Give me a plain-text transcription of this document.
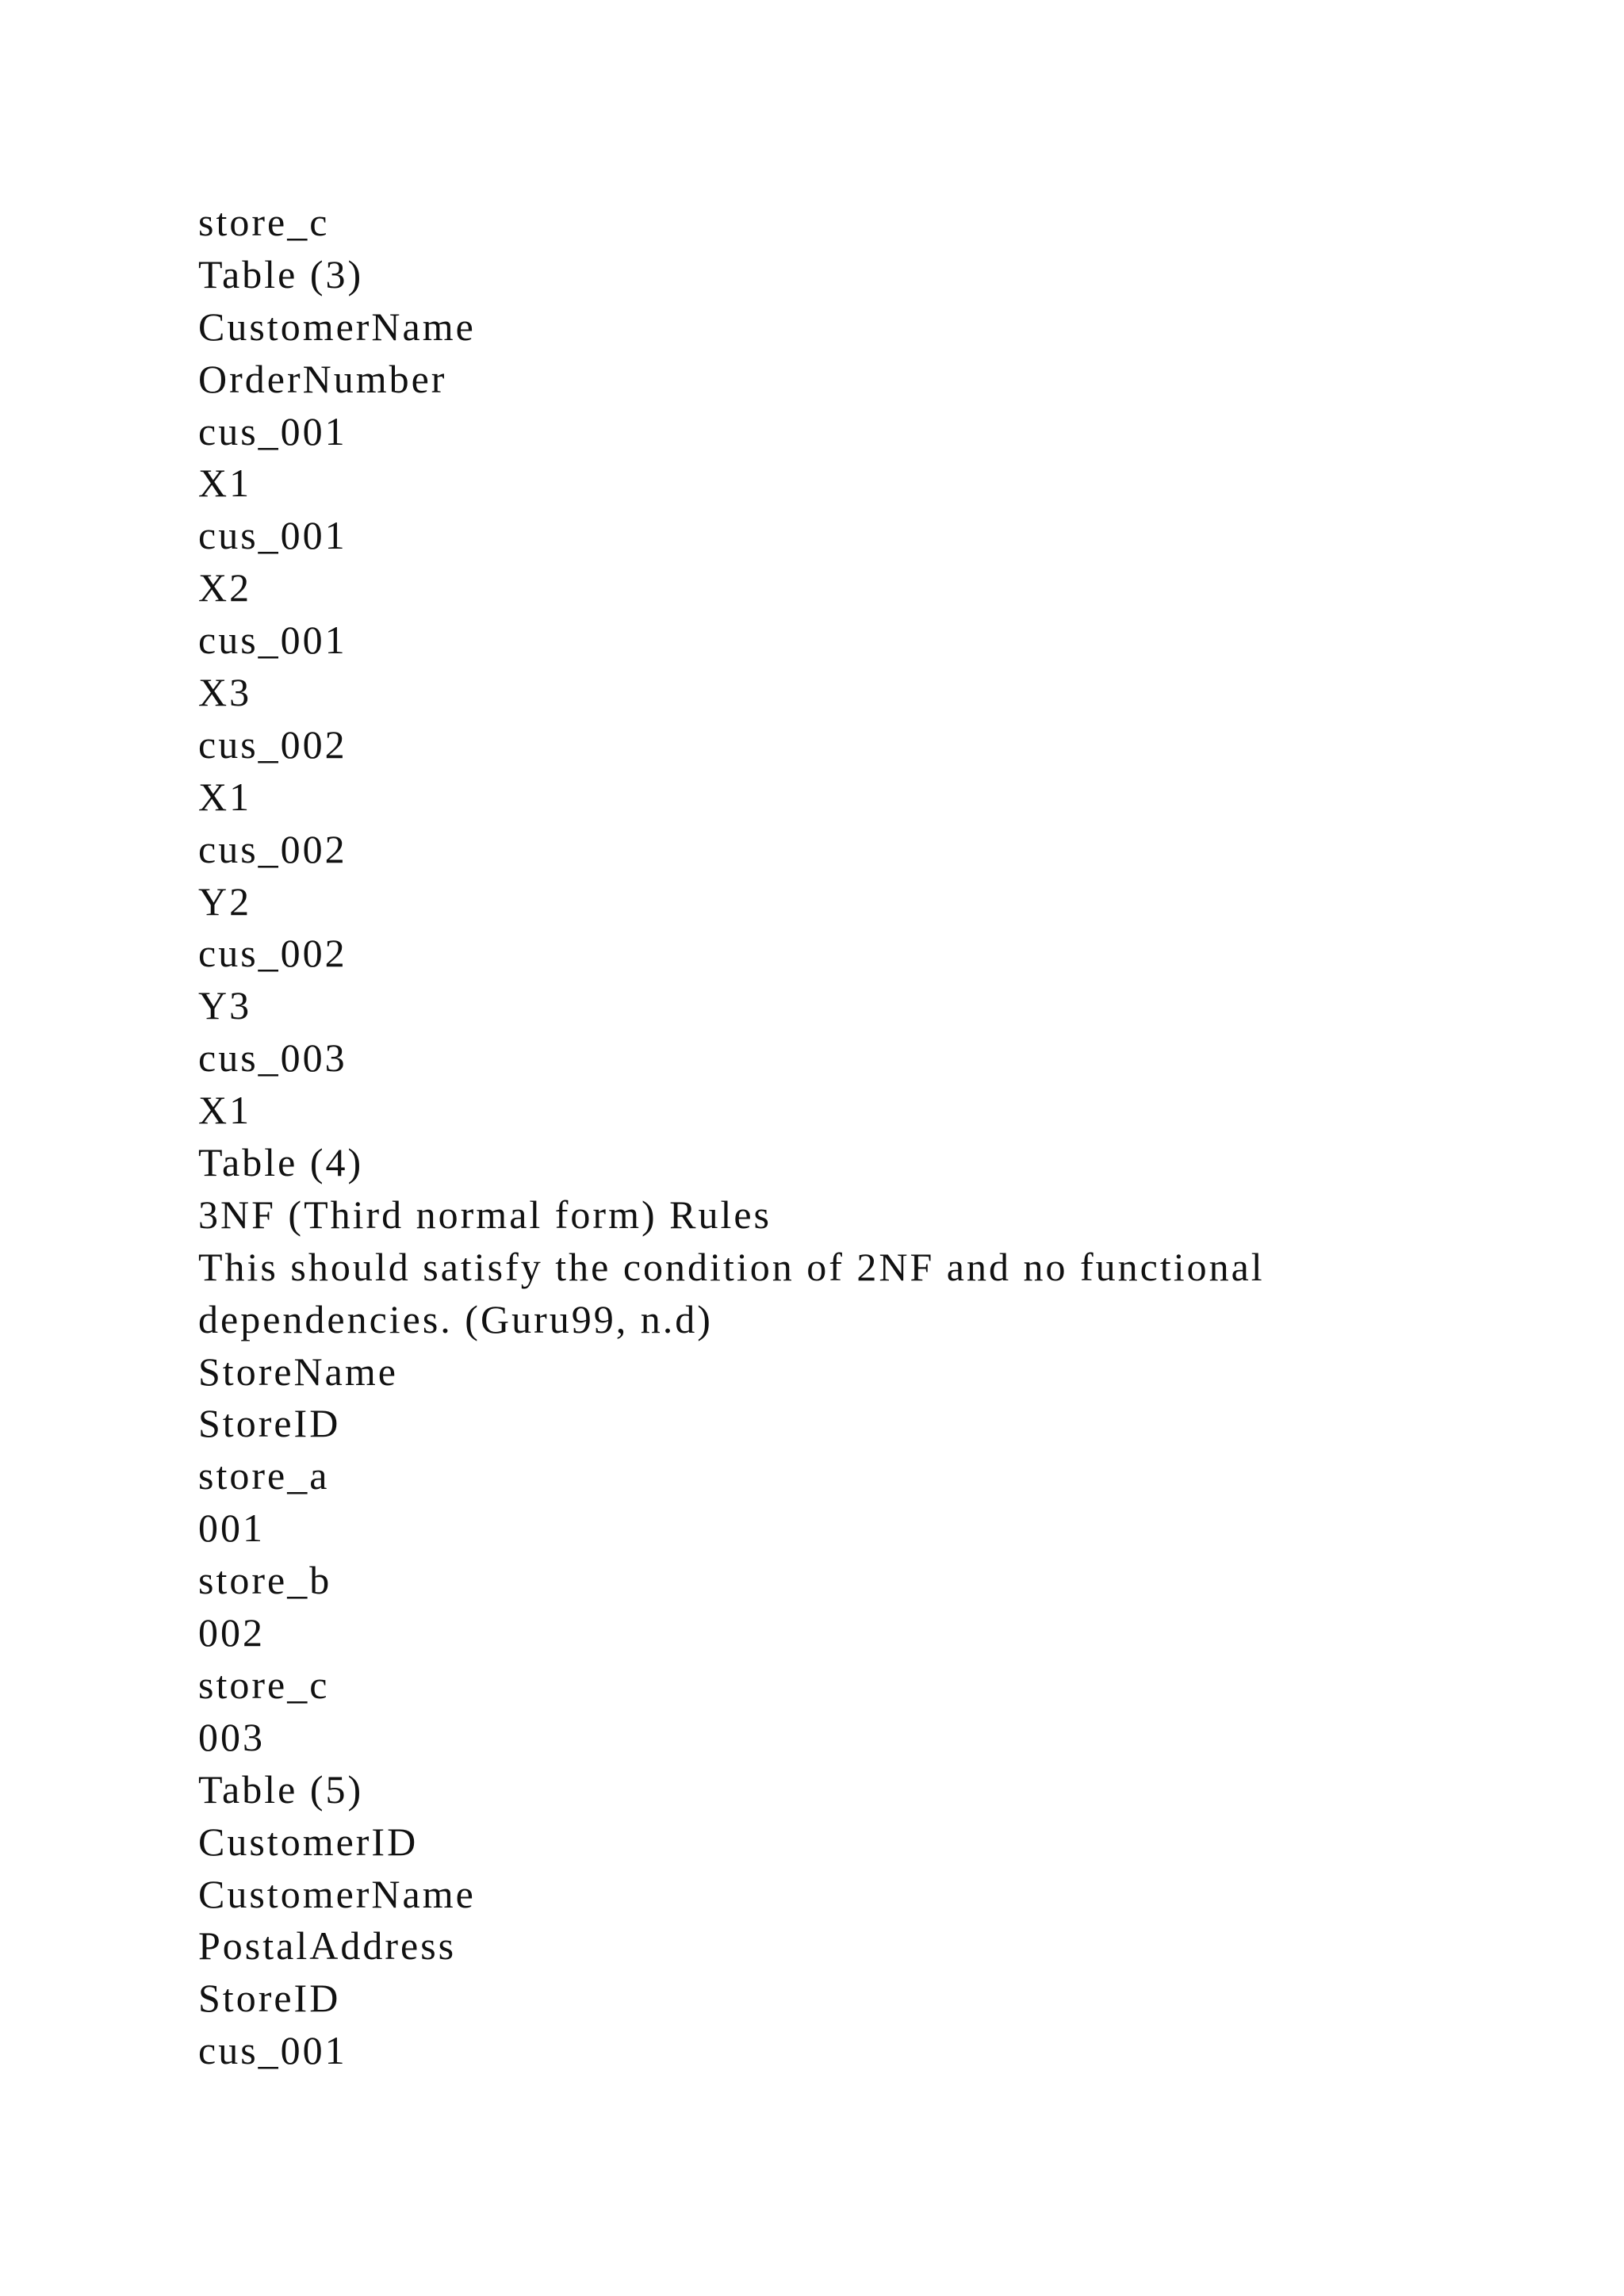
store_c
Table (3)
CustomerName
OrderNumber
cus_001
X1
cus_001
X2
cus_001
X3
cus_002
X1
cus_002
Y2
cus_002
Y3
cus_003
X1
Table (4)
3NF (Third normal form) Rules
This should satisfy the condition of 2NF and no functional
dependencies. (Guru99, n.d)
StoreName
StoreID
store_a
001
store_b
002
store_c
003
Table (5)
CustomerID
CustomerName
PostalAddress
StoreID
cus_001
